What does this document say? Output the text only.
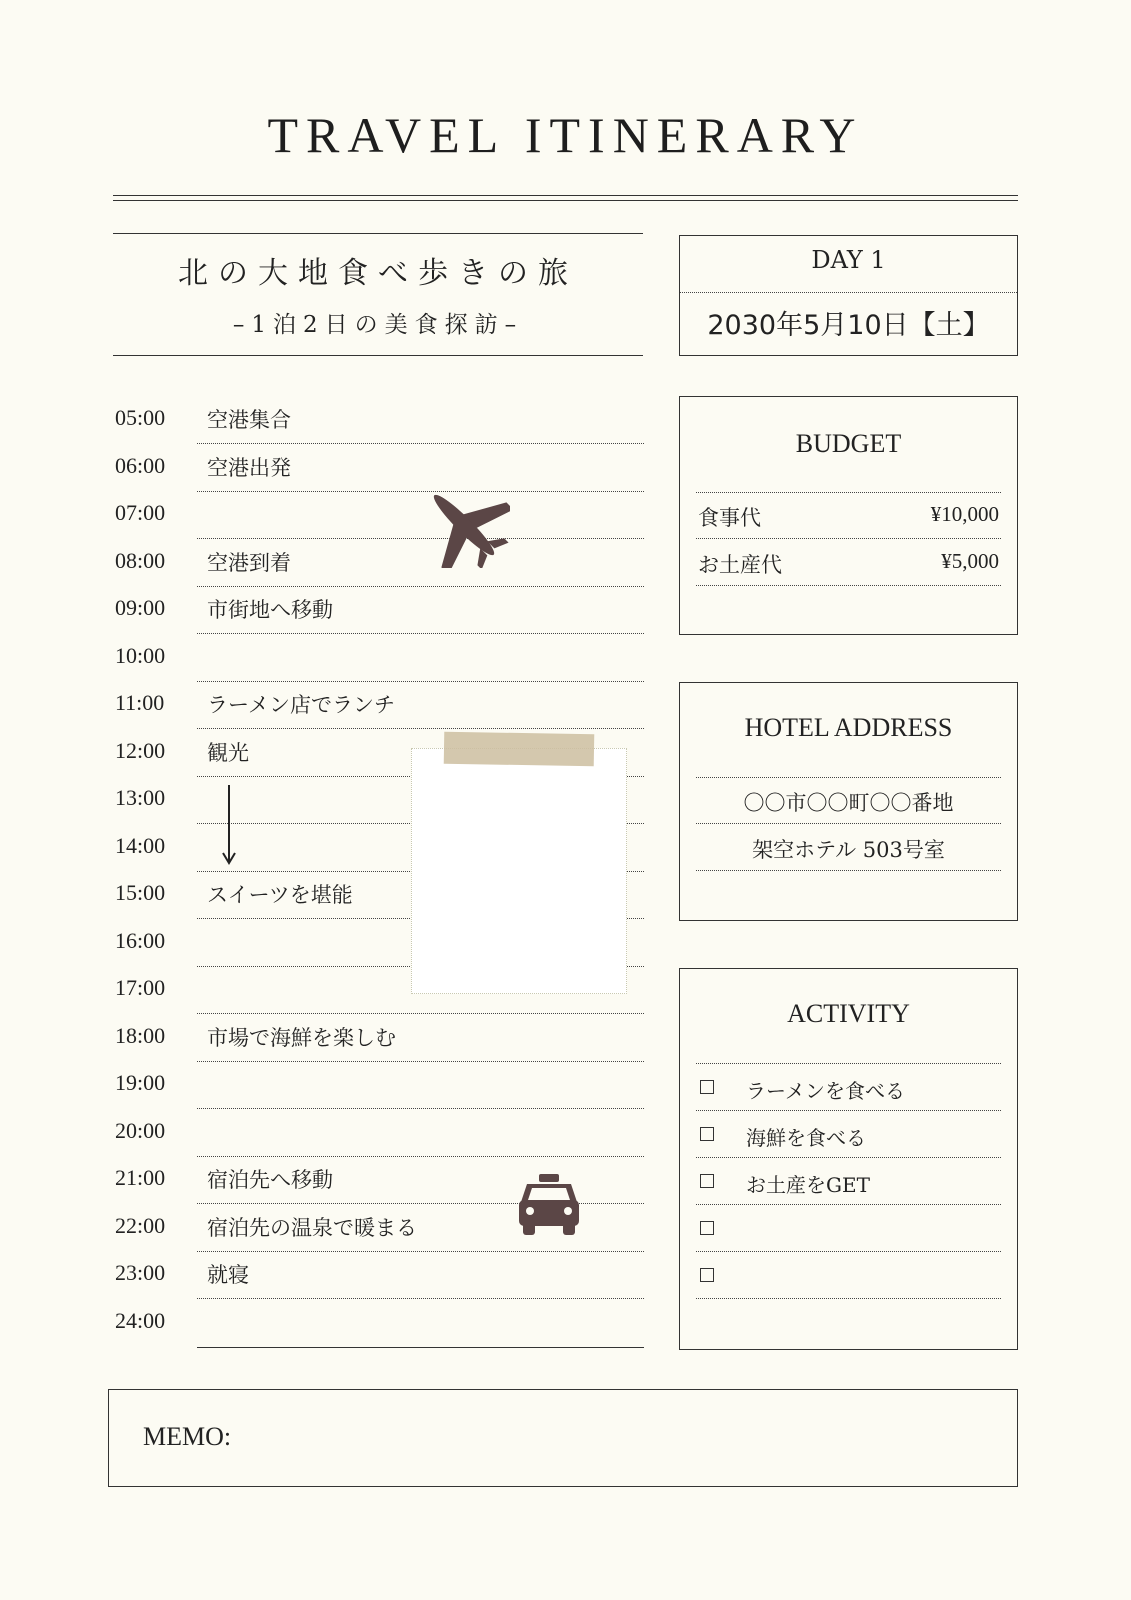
TRAVEL ITINERARY
北の大地食べ歩きの旅
–1泊2日の美食探訪–
DAY 1
2030年5月10日【土】
05:00 空港集合
06:00 空港出発
07:00
08:00 空港到着
09:00 市街地へ移動
10:00
11:00 ラーメン店でランチ
12:00 観光
13:00
14:00
15:00 スイーツを堪能
16:00
17:00
18:00 市場で海鮮を楽しむ
19:00
20:00
21:00 宿泊先へ移動
22:00 宿泊先の温泉で暖まる
23:00 就寝
24:00
BUDGET
食事代	¥10,000
お土産代	¥5,000
HOTEL ADDRESS
〇〇市〇〇町〇〇番地
架空ホテル 503号室
ACTIVITY
ラーメンを食べる
海鮮を食べる
お土産をGET
MEMO:
